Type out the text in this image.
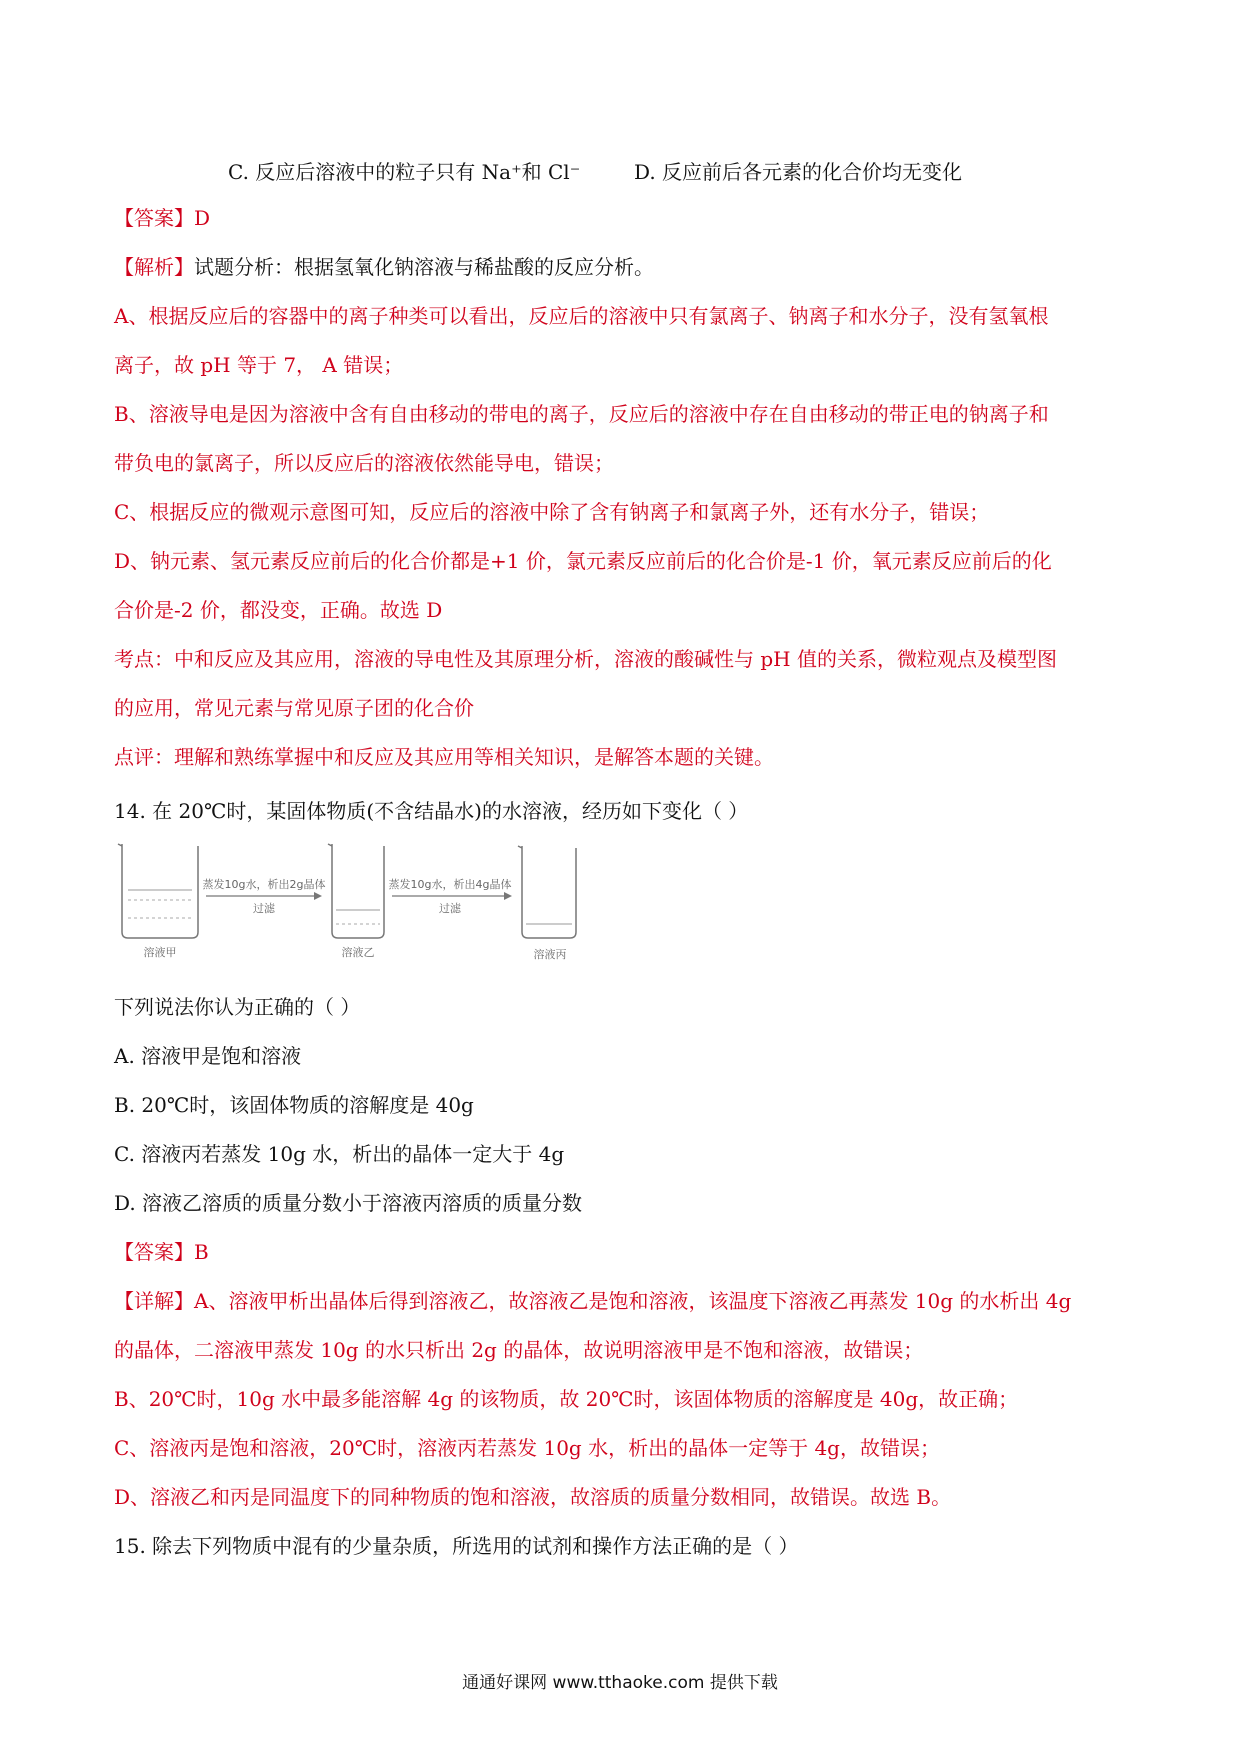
C. 反应后溶液中的粒子只有 Na⁺和 Cl⁻	D. 反应前后各元素的化合价均无变化
【答案】D
【解析】试题分析：根据氢氧化钠溶液与稀盐酸的反应分析。
A、根据反应后的容器中的离子种类可以看出，反应后的溶液中只有氯离子、钠离子和水分子，没有氢氧根
离子，故 pH 等于 7， A 错误；
B、溶液导电是因为溶液中含有自由移动的带电的离子，反应后的溶液中存在自由移动的带正电的钠离子和
带负电的氯离子，所以反应后的溶液依然能导电，错误；
C、根据反应的微观示意图可知，反应后的溶液中除了含有钠离子和氯离子外，还有水分子，错误；
D、钠元素、氢元素反应前后的化合价都是+1 价，氯元素反应前后的化合价是-1 价，氧元素反应前后的化
合价是-2 价，都没变，正确。故选 D
考点：中和反应及其应用，溶液的导电性及其原理分析，溶液的酸碱性与 pH 值的关系，微粒观点及模型图
的应用，常见元素与常见原子团的化合价
点评：理解和熟练掌握中和反应及其应用等相关知识，是解答本题的关键。
14. 在 20℃时，某固体物质(不含结晶水)的水溶液，经历如下变化（ ）
溶液甲
蒸发10g水，析出2g晶体
过滤
溶液乙
蒸发10g水，析出4g晶体
过滤
溶液丙
下列说法你认为正确的（ ）
A. 溶液甲是饱和溶液
B. 20℃时，该固体物质的溶解度是 40g
C. 溶液丙若蒸发 10g 水，析出的晶体一定大于 4g
D. 溶液乙溶质的质量分数小于溶液丙溶质的质量分数
【答案】B
【详解】A、溶液甲析出晶体后得到溶液乙，故溶液乙是饱和溶液，该温度下溶液乙再蒸发 10g 的水析出 4g
的晶体，二溶液甲蒸发 10g 的水只析出 2g 的晶体，故说明溶液甲是不饱和溶液，故错误；
B、20℃时，10g 水中最多能溶解 4g 的该物质，故 20℃时，该固体物质的溶解度是 40g，故正确；
C、溶液丙是饱和溶液，20℃时，溶液丙若蒸发 10g 水，析出的晶体一定等于 4g，故错误；
D、溶液乙和丙是同温度下的同种物质的饱和溶液，故溶质的质量分数相同，故错误。故选 B。
15. 除去下列物质中混有的少量杂质，所选用的试剂和操作方法正确的是（ ）
通通好课网 www.tthaoke.com 提供下载
